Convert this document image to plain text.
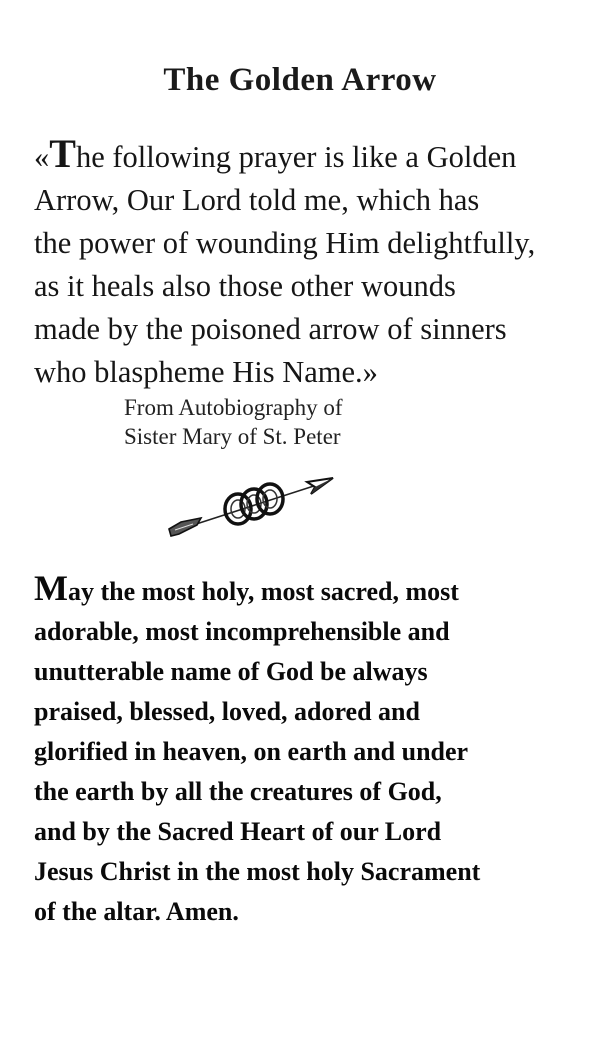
The Golden Arrow
«The following prayer is like a Golden
Arrow, Our Lord told me, which has
the power of wounding Him delightfully,
as it heals also those other wounds
made by the poisoned arrow of sinners
who blaspheme His Name.»
From Autobiography of
Sister Mary of St. Peter
May the most holy, most sacred, most
adorable, most incomprehensible and
unutterable name of God be always
praised, blessed, loved, adored and
glorified in heaven, on earth and under
the earth by all the creatures of God,
and by the Sacred Heart of our Lord
Jesus Christ in the most holy Sacrament
of the altar. Amen.
